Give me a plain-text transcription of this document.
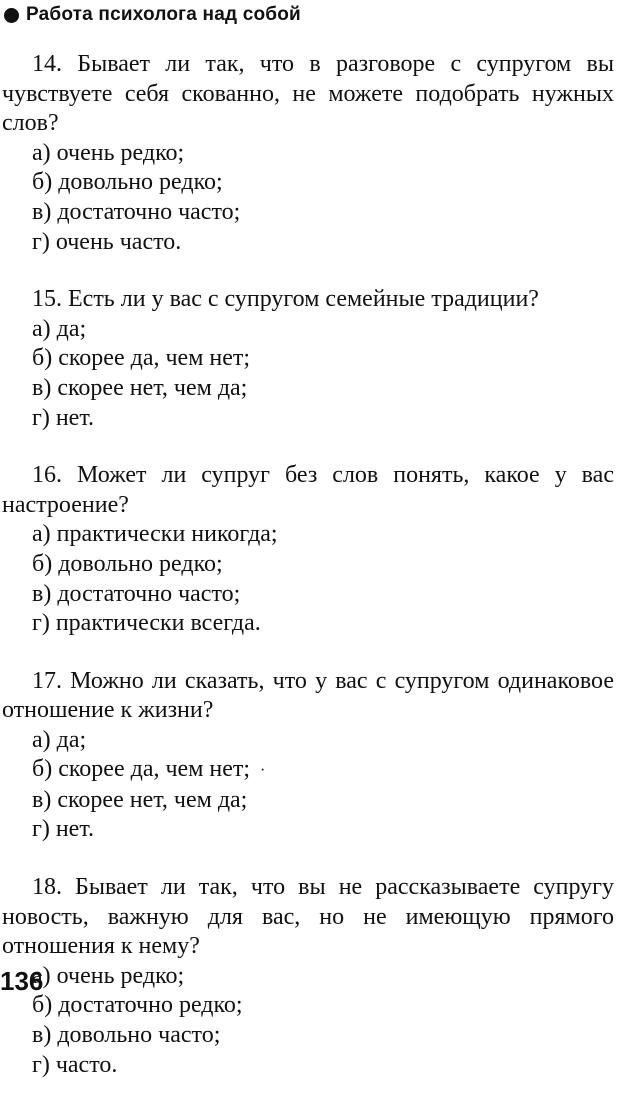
Работа психолога над собой

14. Бывает ли так, что в разговоре с супругом вы чувствуете себя скованно, не можете подобрать нужных слов?

а) очень редко;

б) довольно редко;

в) достаточно часто;

г) очень часто.

15. Есть ли у вас с супругом семейные традиции?

а) да;

б) скорее да, чем нет;

в) скорее нет, чем да;

г) нет.

16. Может ли супруг без слов понять, какое у вас настроение?

а) практически никогда;

б) довольно редко;

в) достаточно часто;

г) практически всегда.

17. Можно ли сказать, что у вас с супругом одинаковое отношение к жизни?

а) да;

б) скорее да, чем нет; ·

в) скорее нет, чем да;

г) нет.

18. Бывает ли так, что вы не рассказываете супругу новость, важную для вас, но не имеющую прямого отношения к нему?

а) очень редко;

б) достаточно редко;

в) довольно часто;

г) часто.

136
